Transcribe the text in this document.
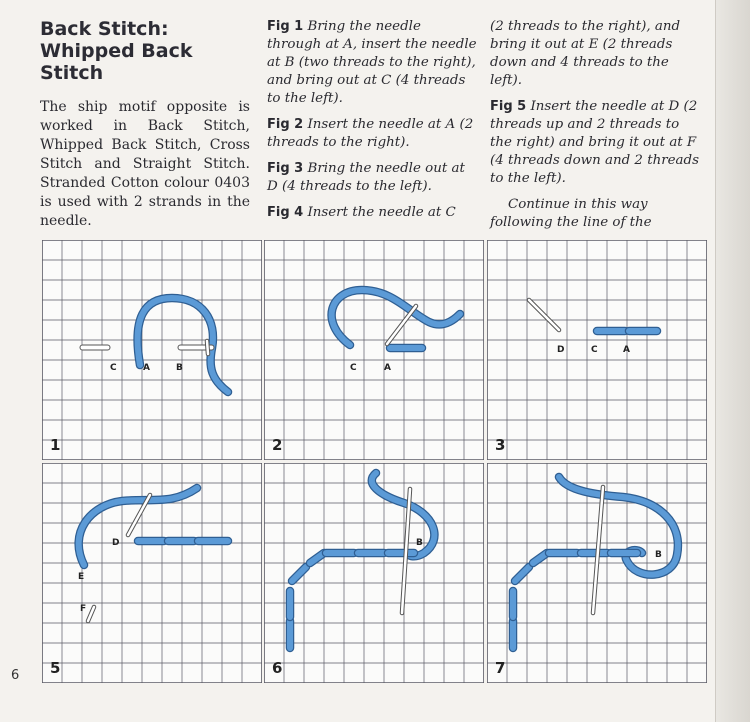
Back Stitch:
Whipped Back
Stitch

The ship motif opposite is worked in Back Stitch, Whipped Back Stitch, Cross Stitch and Straight Stitch. Stranded Cotton colour 0403 is used with 2 strands in the needle.

Fig 1 Bring the needle through at A, insert the needle at B (two threads to the right), and bring out at C (4 threads to the left).

Fig 2 Insert the needle at A (2 threads to the right).

Fig 3 Bring the needle out at D (4 threads to the left).

Fig 4 Insert the needle at C

(2 threads to the right), and bring it out at E (2 threads down and 4 threads to the left).

Fig 5 Insert the needle at D (2 threads up and 2 threads to the right) and bring it out at F (4 threads down and 2 threads to the left).

Continue in this way following the line of the

C	A	B
1
C	A
2
D	C	A
3
D
E
F
5
B
6
B
7
6
